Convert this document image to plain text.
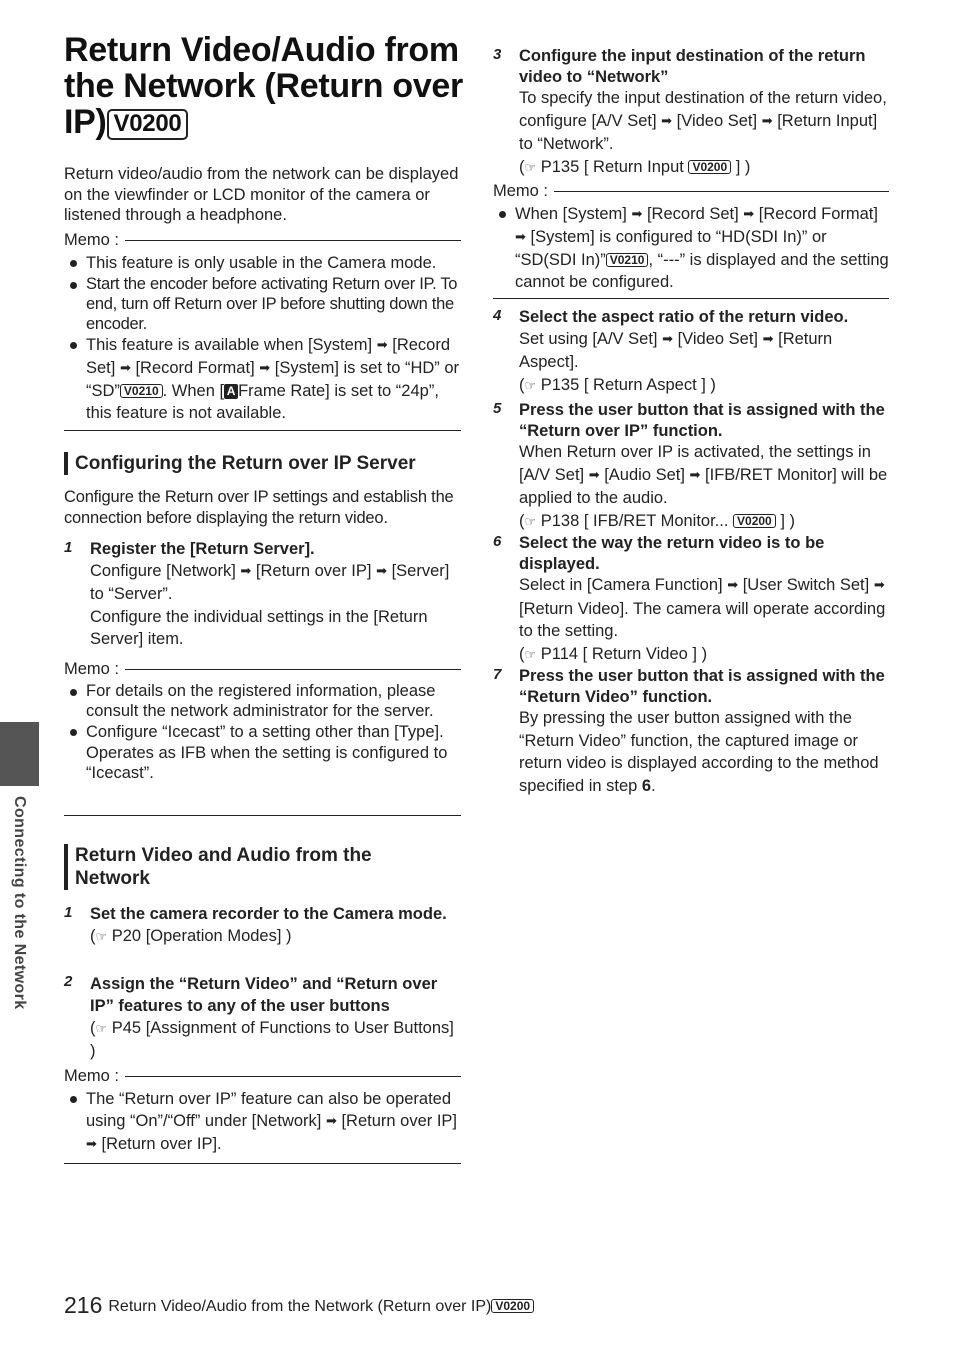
Return Video/Audio from
the Network (Return over
IP) V0200

Return video/audio from the network can be displayed on the viewfinder or LCD monitor of the camera or listened through a headphone.

Memo :
This feature is only usable in the Camera mode.
Start the encoder before activating Return over IP. To end, turn off Return over IP before shutting down the encoder.
This feature is available when [System] ➡ [Record Set] ➡ [Record Format] ➡ [System] is set to “HD” or “SD” V0210 . When [ A Frame Rate] is set to “24p”, this feature is not available.
Configuring the Return over IP Server

Configure the Return over IP settings and establish the connection before displaying the return video.

1 Register the [Return Server].
Configure [Network] ➡ [Return over IP] ➡ [Server] to “Server”.
Configure the individual settings in the [Return Server] item.
Memo :
For details on the registered information, please consult the network administrator for the server.
Configure “Icecast” to a setting other than [Type].
Operates as IFB when the setting is configured to “Icecast”.
Return Video and Audio from the Network
1 Set the camera recorder to the Camera mode.
(☞ P20 [Operation Modes] )
2 Assign the “Return Video” and “Return over IP” features to any of the user buttons
(☞ P45 [Assignment of Functions to User Buttons] )
Memo :
The “Return over IP” feature can also be operated using “On”/“Off” under [Network] ➡ [Return over IP] ➡ [Return over IP].
3 Configure the input destination of the return video to “Network”
To specify the input destination of the return video, configure [A/V Set] ➡ [Video Set] ➡ [Return Input] to “Network”.
(☞ P135 [ Return Input V0200 ] )
Memo :
When [System] ➡ [Record Set] ➡ [Record Format] ➡ [System] is configured to “HD(SDI In)” or “SD(SDI In)” V0210 , “---” is displayed and the setting cannot be configured.
4 Select the aspect ratio of the return video.
Set using [A/V Set] ➡ [Video Set] ➡ [Return Aspect].
(☞ P135 [ Return Aspect ] )
5 Press the user button that is assigned with the “Return over IP” function.
When Return over IP is activated, the settings in [A/V Set] ➡ [Audio Set] ➡ [IFB/RET Monitor] will be applied to the audio.
(☞ P138 [ IFB/RET Monitor... V0200 ] )
6 Select the way the return video is to be displayed.
Select in [Camera Function] ➡ [User Switch Set] ➡ [Return Video]. The camera will operate according to the setting.
(☞ P114 [ Return Video ] )
7 Press the user button that is assigned with the “Return Video” function.
By pressing the user button assigned with the “Return Video” function, the captured image or return video is displayed according to the method specified in step 6.
Connecting to the Network
216 Return Video/Audio from the Network (Return over IP) V0200
